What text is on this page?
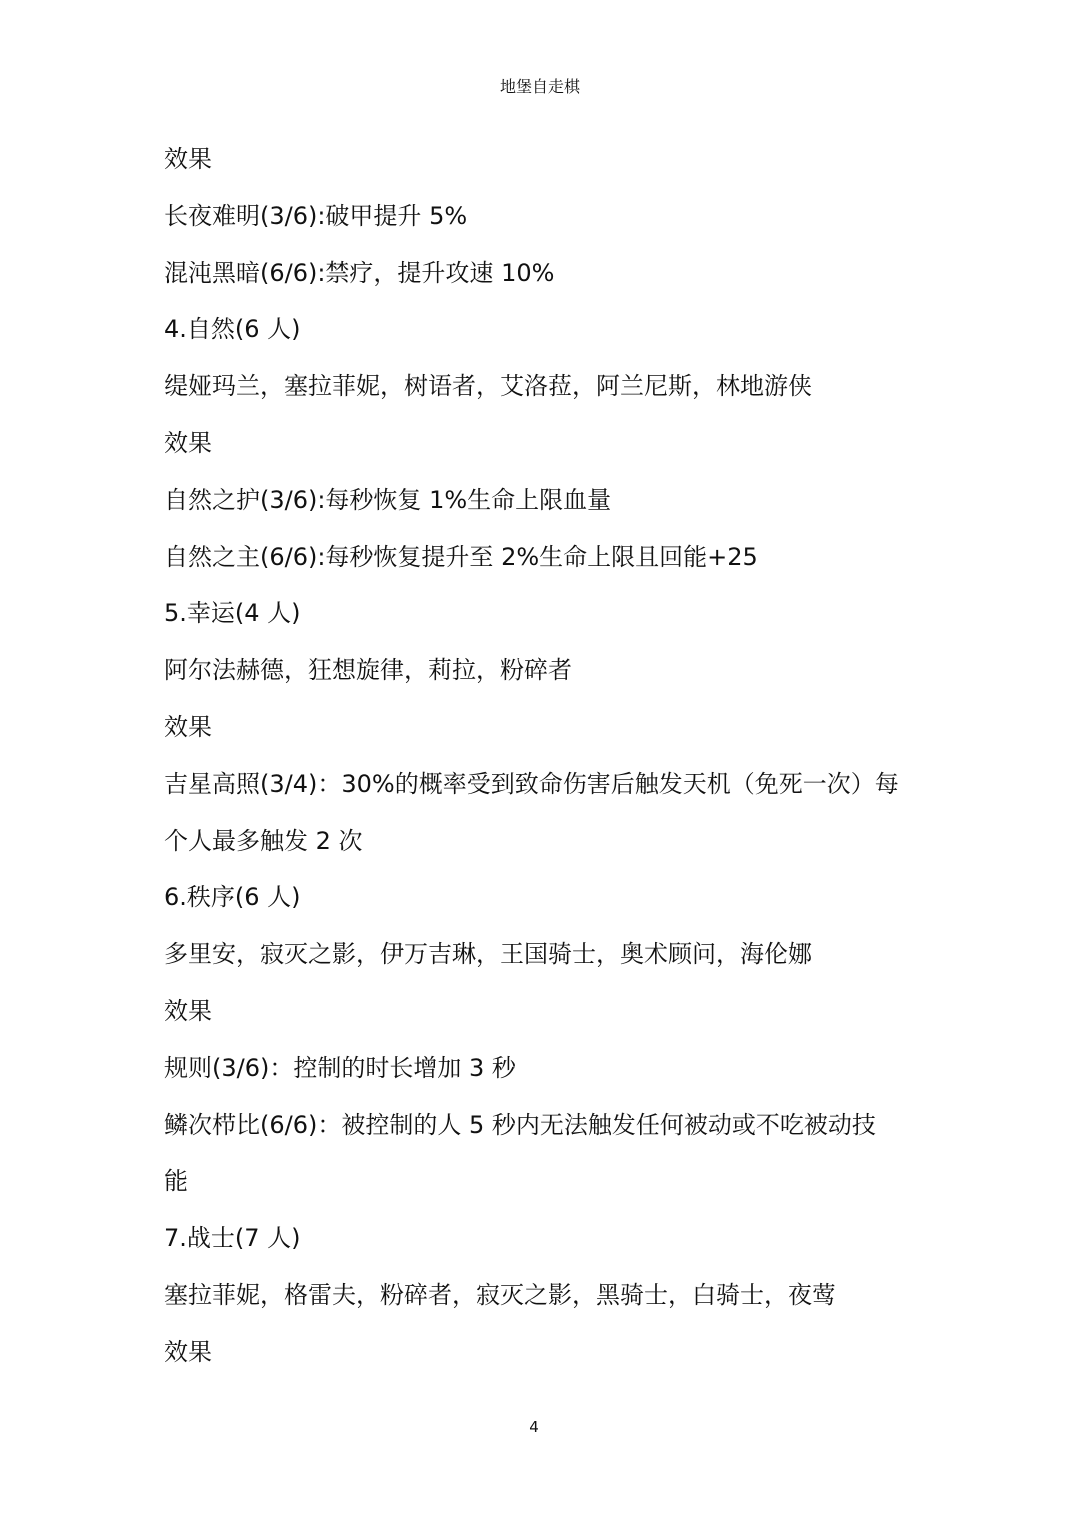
地堡自走棋
效果
长夜难明(3/6):破甲提升 5%
混沌黑暗(6/6):禁疗，提升攻速 10%
4.自然(6 人)
缇娅玛兰，塞拉菲妮，树语者，艾洛菈，阿兰尼斯，林地游侠
效果
自然之护(3/6):每秒恢复 1%生命上限血量
自然之主(6/6):每秒恢复提升至 2%生命上限且回能+25
5.幸运(4 人)
阿尔法赫德，狂想旋律，莉拉，粉碎者
效果
吉星高照(3/4)：30%的概率受到致命伤害后触发天机（免死一次）每
个人最多触发 2 次
6.秩序(6 人)
多里安，寂灭之影，伊万吉琳，王国骑士，奥术顾问，海伦娜
效果
规则(3/6)：控制的时长增加 3 秒
鳞次栉比(6/6)：被控制的人 5 秒内无法触发任何被动或不吃被动技
能
7.战士(7 人)
塞拉菲妮，格雷夫，粉碎者，寂灭之影，黑骑士，白骑士，夜莺
效果
4
